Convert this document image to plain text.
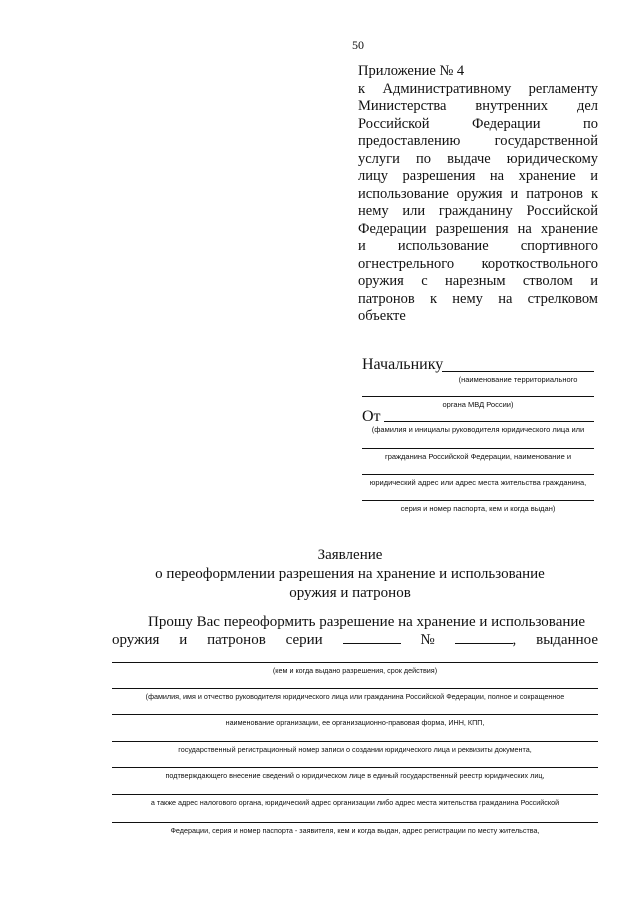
50
Приложение № 4
к Административному регламенту
Министерства внутренних дел
Российской Федерации по
предоставлению государственной
услуги по выдаче юридическому
лицу разрешения на хранение и
использование оружия и патронов к
нему или гражданину Российской
Федерации разрешения на хранение
и использование спортивного
огнестрельного короткоствольного
оружия с нарезным стволом и
патронов к нему на стрелковом
объекте
Начальнику
(наименование территориального
органа МВД России)
От
(фамилия и инициалы руководителя юридического лица или
гражданина Российской Федерации, наименование и
юридический адрес или адрес места жительства гражданина,
серия и номер паспорта, кем и когда выдан)
Заявление
о переоформлении разрешения на хранение и использование
оружия и патронов
Прошу Вас переоформить разрешение на хранение и использование
оружия и патронов серии	№	, выданное
(кем и когда выдано разрешения, срок действия)
(фамилия, имя и отчество руководителя юридического лица или гражданина Российской Федерации, полное и сокращенное
наименование организации, ее организационно-правовая форма, ИНН, КПП,
государственный регистрационный номер записи о создании юридического лица и реквизиты документа,
подтверждающего внесение сведений о юридическом лице в единый государственный реестр юридических лиц,
а также адрес налогового органа, юридический адрес организации либо адрес места жительства гражданина Российской
Федерации, серия и номер паспорта - заявителя, кем и когда выдан, адрес регистрации по месту жительства,
